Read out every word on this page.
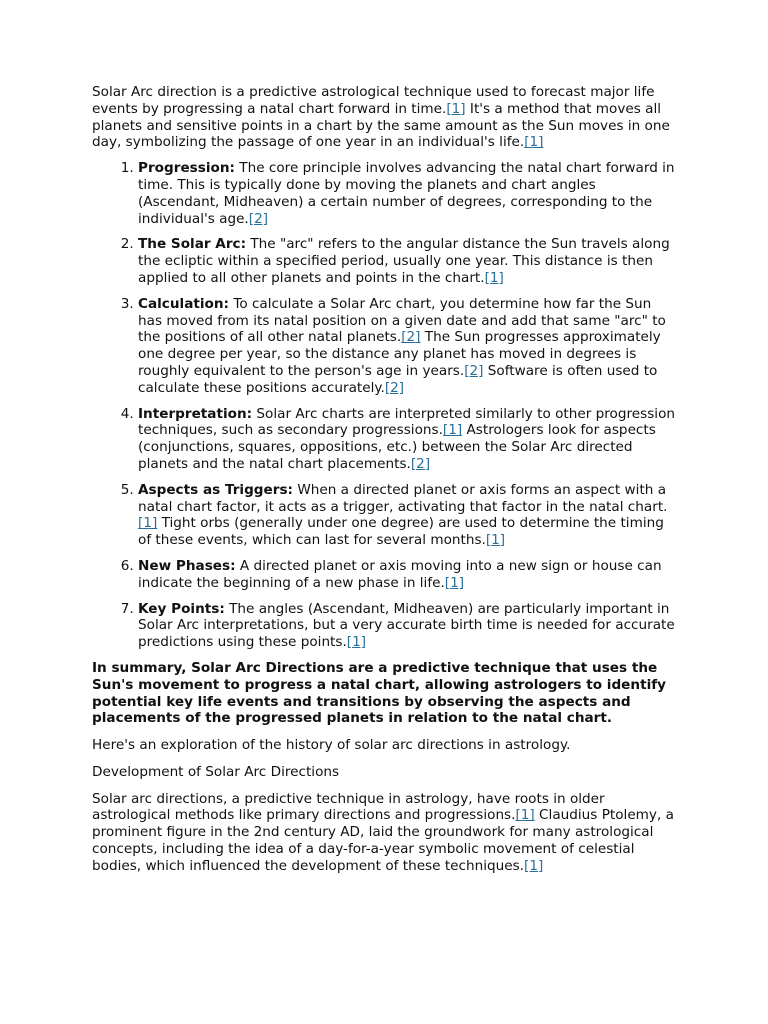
Solar Arc direction is a predictive astrological technique used to forecast major life events by progressing a natal chart forward in time.[1] It's a method that moves all planets and sensitive points in a chart by the same amount as the Sun moves in one day, symbolizing the passage of one year in an individual's life.[1]

1. Progression: The core principle involves advancing the natal chart forward in time. This is typically done by moving the planets and chart angles (Ascendant, Midheaven) a certain number of degrees, corresponding to the individual's age.[2]
2. The Solar Arc: The "arc" refers to the angular distance the Sun travels along the ecliptic within a specified period, usually one year. This distance is then applied to all other planets and points in the chart.[1]
3. Calculation: To calculate a Solar Arc chart, you determine how far the Sun has moved from its natal position on a given date and add that same "arc" to the positions of all other natal planets.[2] The Sun progresses approximately one degree per year, so the distance any planet has moved in degrees is roughly equivalent to the person's age in years.[2] Software is often used to calculate these positions accurately.[2]
4. Interpretation: Solar Arc charts are interpreted similarly to other progression techniques, such as secondary progressions.[1] Astrologers look for aspects (conjunctions, squares, oppositions, etc.) between the Solar Arc directed planets and the natal chart placements.[2]
5. Aspects as Triggers: When a directed planet or axis forms an aspect with a natal chart factor, it acts as a trigger, activating that factor in the natal chart.[1] Tight orbs (generally under one degree) are used to determine the timing of these events, which can last for several months.[1]
6. New Phases: A directed planet or axis moving into a new sign or house can indicate the beginning of a new phase in life.[1]
7. Key Points: The angles (Ascendant, Midheaven) are particularly important in Solar Arc interpretations, but a very accurate birth time is needed for accurate predictions using these points.[1]

In summary, Solar Arc Directions are a predictive technique that uses the Sun's movement to progress a natal chart, allowing astrologers to identify potential key life events and transitions by observing the aspects and placements of the progressed planets in relation to the natal chart.

Here's an exploration of the history of solar arc directions in astrology.

Development of Solar Arc Directions

Solar arc directions, a predictive technique in astrology, have roots in older astrological methods like primary directions and progressions.[1] Claudius Ptolemy, a prominent figure in the 2nd century AD, laid the groundwork for many astrological concepts, including the idea of a day-for-a-year symbolic movement of celestial bodies, which influenced the development of these techniques.[1]
